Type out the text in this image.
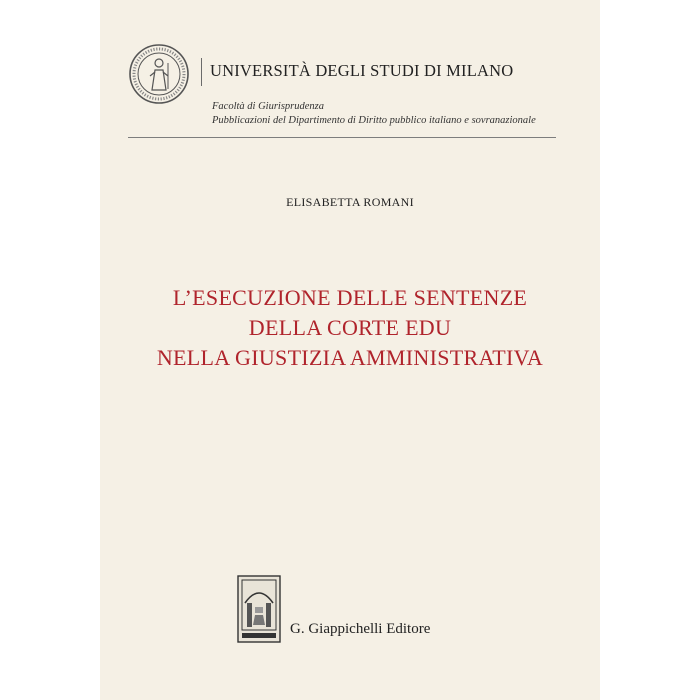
UNIVERSITÀ DEGLI STUDI DI MILANO
Facoltà di Giurisprudenza
Pubblicazioni del Dipartimento di Diritto pubblico italiano e sovranazionale
ELISABETTA ROMANI
L’ESECUZIONE DELLE SENTENZE
DELLA CORTE EDU
NELLA GIUSTIZIA AMMINISTRATIVA
G. Giappichelli Editore
